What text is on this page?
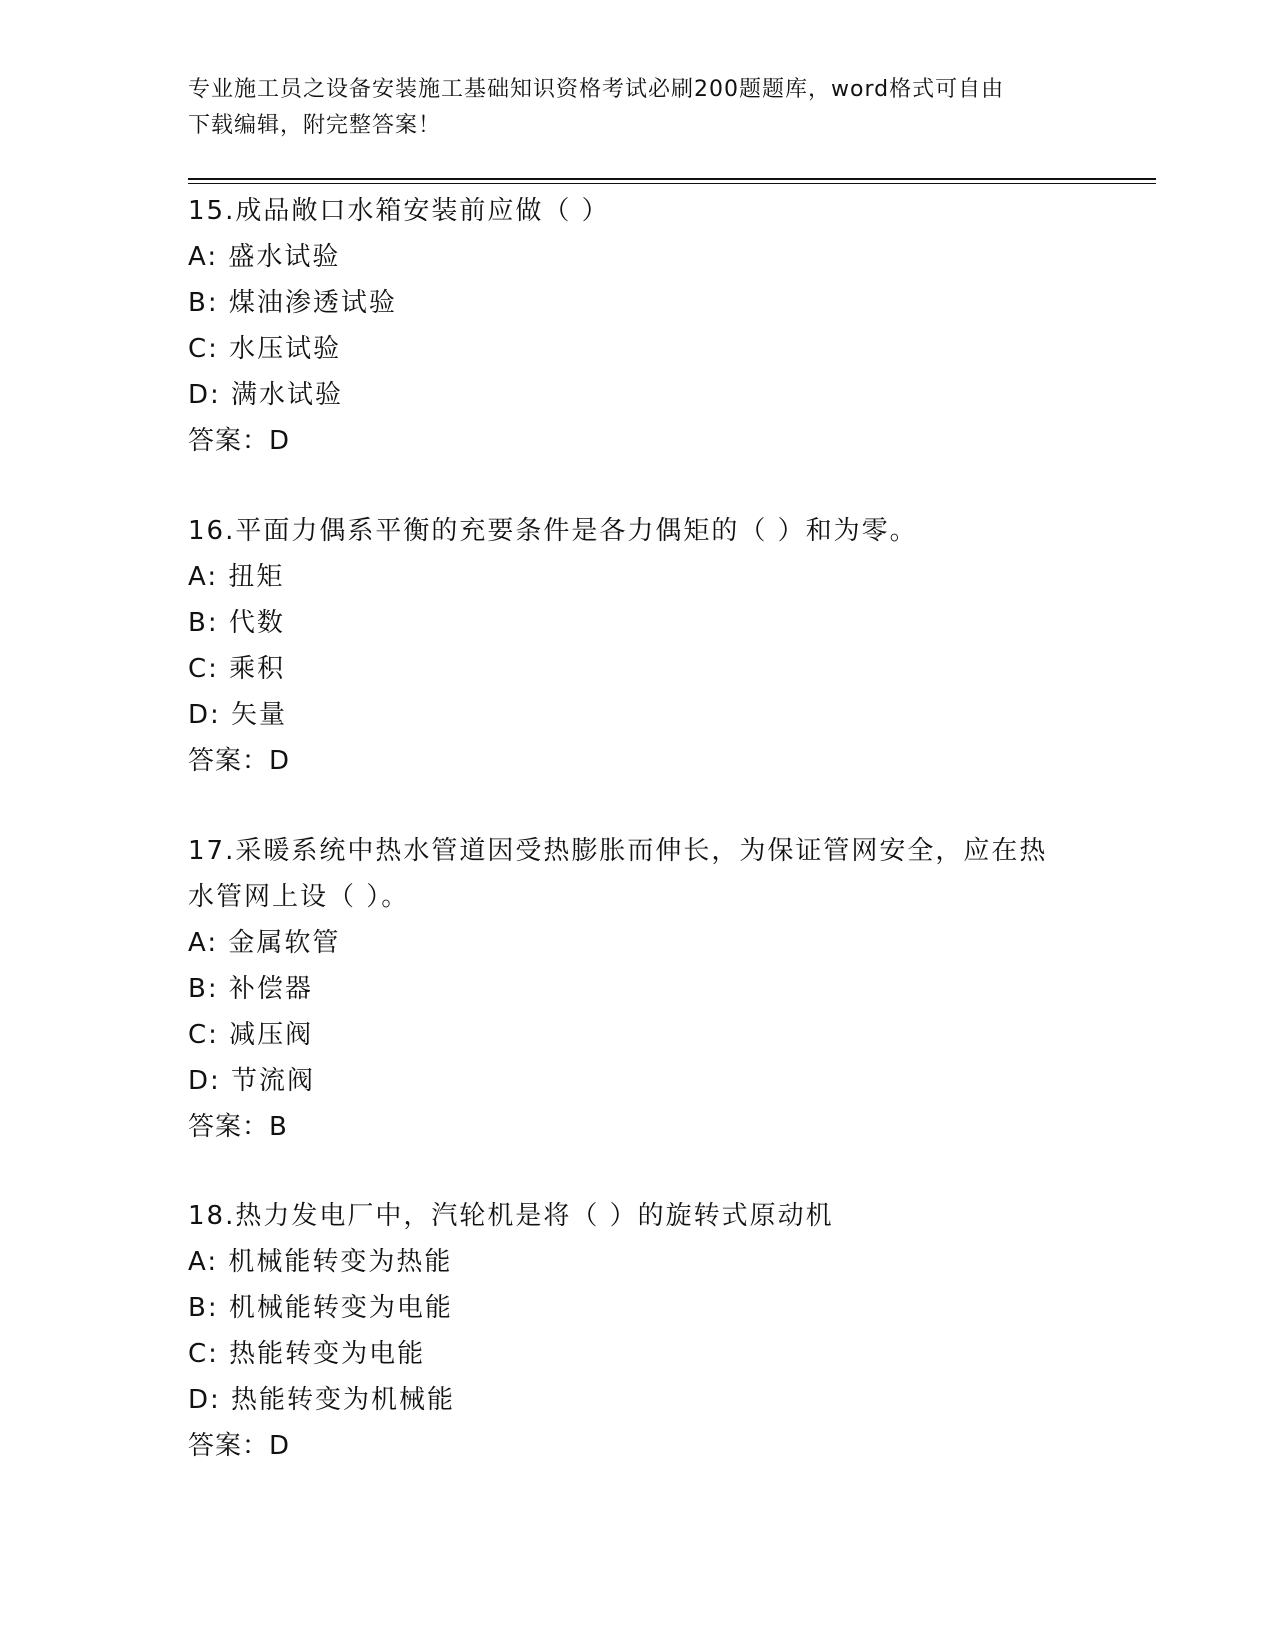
专业施工员之设备安装施工基础知识资格考试必刷200题题库，word格式可自由
下载编辑，附完整答案！
15.成品敞口水箱安装前应做（ ）
A: 盛水试验
B: 煤油渗透试验
C: 水压试验
D: 满水试验
答案：D
16.平面力偶系平衡的充要条件是各力偶矩的（ ）和为零。
A: 扭矩
B: 代数
C: 乘积
D: 矢量
答案：D
17.采暖系统中热水管道因受热膨胀而伸长，为保证管网安全，应在热
水管网上设（ ）。
A: 金属软管
B: 补偿器
C: 减压阀
D: 节流阀
答案：B
18.热力发电厂中，汽轮机是将（ ）的旋转式原动机
A: 机械能转变为热能
B: 机械能转变为电能
C: 热能转变为电能
D: 热能转变为机械能
答案：D
